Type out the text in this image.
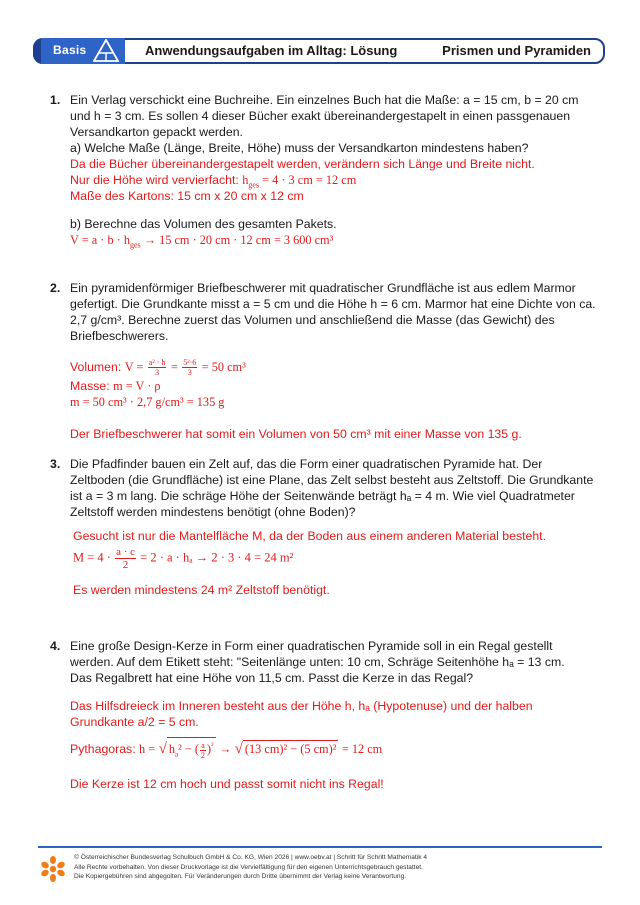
Basis	Anwendungsaufgaben im Alltag: Lösung	Prismen und Pyramiden
1. Ein Verlag verschickt eine Buchreihe. Ein einzelnes Buch hat die Maße: a = 15 cm, b = 20 cm
und h = 3 cm. Es sollen 4 dieser Bücher exakt übereinandergestapelt in einen passgenauen
Versandkarton gepackt werden.
a) Welche Maße (Länge, Breite, Höhe) muss der Versandkarton mindestens haben?
Da die Bücher übereinandergestapelt werden, verändern sich Länge und Breite nicht.
Nur die Höhe wird vervierfacht: $h_{ges} = 4 \cdot 3$ cm = 12 cm
Maße des Kartons: 15 cm x 20 cm x 12 cm
b) Berechne das Volumen des gesamten Pakets.
$V = a \cdot b \cdot h_{ges} \to 15$ cm · 20 cm · 12 cm = 3 600 cm³
2. Ein pyramidenförmiger Briefbeschwerer mit quadratischer Grundfläche ist aus edlem Marmor
gefertigt. Die Grundkante misst a = 5 cm und die Höhe h = 6 cm. Marmor hat eine Dichte von ca.
2,7 g/cm³. Berechne zuerst das Volumen und anschließend die Masse (das Gewicht) des
Briefbeschwerers.
Volumen: $V = \frac{\text{a² · h}}{3} = \frac{\text{5²·6}}{3} = 50$ cm³
Masse: m = V · ρ
m = 50 cm³ · 2,7 g/cm³ = 135 g
Der Briefbeschwerer hat somit ein Volumen von 50 cm³ mit einer Masse von 135 g.
3. Die Pfadfinder bauen ein Zelt auf, das die Form einer quadratischen Pyramide hat. Der
Zeltboden (die Grundfläche) ist eine Plane, das Zelt selbst besteht aus Zeltstoff. Die Grundkante
ist a = 3 m lang. Die schräge Höhe der Seitenwände beträgt hₐ = 4 m. Wie viel Quadratmeter
Zeltstoff werden mindestens benötigt (ohne Boden)?
Gesucht ist nur die Mantelfläche M, da der Boden aus einem anderen Material besteht.
$M = 4 \cdot \frac{a \cdot c}{2} = 2 \cdot a \cdot h_a \to 2 \cdot 3 \cdot 4 = 24$ m²
Es werden mindestens 24 m² Zeltstoff benötigt.
4. Eine große Design-Kerze in Form einer quadratischen Pyramide soll in ein Regal gestellt
werden. Auf dem Etikett steht: "Seitenlänge unten: 10 cm, Schräge Seitenhöhe hₐ = 13 cm.
Das Regalbrett hat eine Höhe von 11,5 cm. Passt die Kerze in das Regal?
Das Hilfsdreieck im Inneren besteht aus der Höhe h, hₐ (Hypotenuse) und der halben
Grundkante a/2 = 5 cm.
Pythagoras: h = √ $h_a^2$ − ( $\frac{a}{2} )^{^2}$ → √ (13 cm)² − (5 cm)² = 12 cm
Die Kerze ist 12 cm hoch und passt somit nicht ins Regal!
© Österreichischer Bundesverlag Schulbuch GmbH & Co. KG, Wien 2026 | www.oebv.at | Schritt für Schritt Mathematik 4
Alle Rechte vorbehalten. Von dieser Druckvorlage ist die Vervielfältigung für den eigenen Unterrichtsgebrauch gestattet.
Die Kopiergebühren sind abgegolten. Für Veränderungen durch Dritte übernimmt der Verlag keine Verantwortung.
